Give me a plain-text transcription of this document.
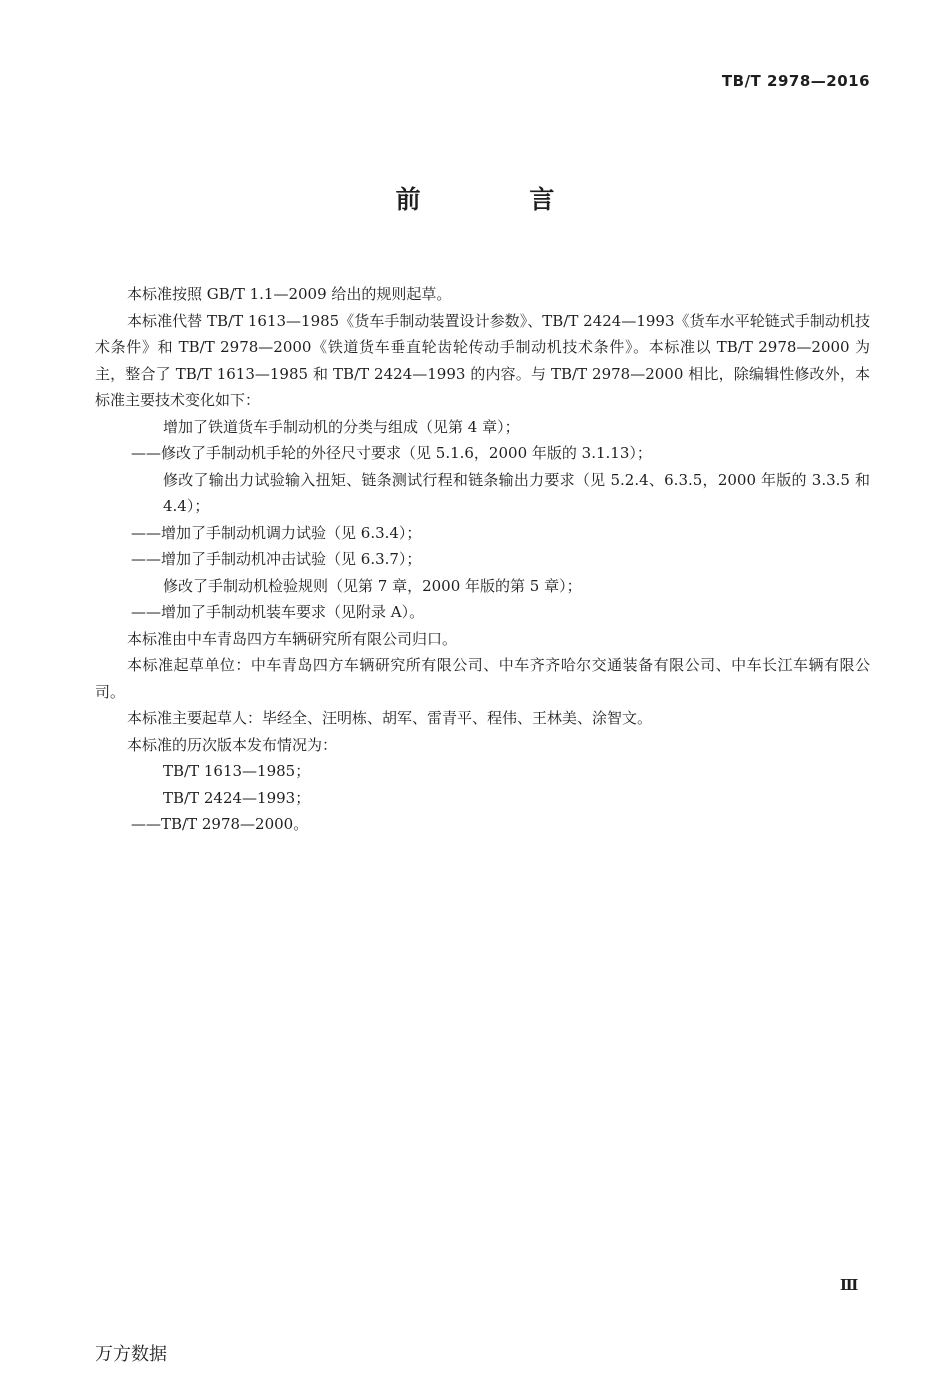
TB/T 2978—2016
前 言

本标准按照 GB/T 1.1—2009 给出的规则起草。

本标准代替 TB/T 1613—1985《货车手制动装置设计参数》、TB/T 2424—1993《货车水平轮链式手制动机技术条件》和 TB/T 2978—2000《铁道货车垂直轮齿轮传动手制动机技术条件》。本标准以 TB/T 2978—2000 为主，整合了 TB/T 1613—1985 和 TB/T 2424—1993 的内容。与 TB/T 2978—2000 相比，除编辑性修改外，本标准主要技术变化如下：

增加了铁道货车手制动机的分类与组成（见第 4 章）；

——修改了手制动机手轮的外径尺寸要求（见 5.1.6，2000 年版的 3.1.13）；

修改了输出力试验输入扭矩、链条测试行程和链条输出力要求（见 5.2.4、6.3.5，2000 年版的 3.3.5 和 4.4）；

——增加了手制动机调力试验（见 6.3.4）；

——增加了手制动机冲击试验（见 6.3.7）；

修改了手制动机检验规则（见第 7 章，2000 年版的第 5 章）；

——增加了手制动机装车要求（见附录 A）。

本标准由中车青岛四方车辆研究所有限公司归口。

本标准起草单位：中车青岛四方车辆研究所有限公司、中车齐齐哈尔交通装备有限公司、中车长江车辆有限公司。

本标准主要起草人：毕经全、汪明栋、胡军、雷青平、程伟、王林美、涂智文。

本标准的历次版本发布情况为：

TB/T 1613—1985；

TB/T 2424—1993；

——TB/T 2978—2000。

Ⅲ
万方数据
